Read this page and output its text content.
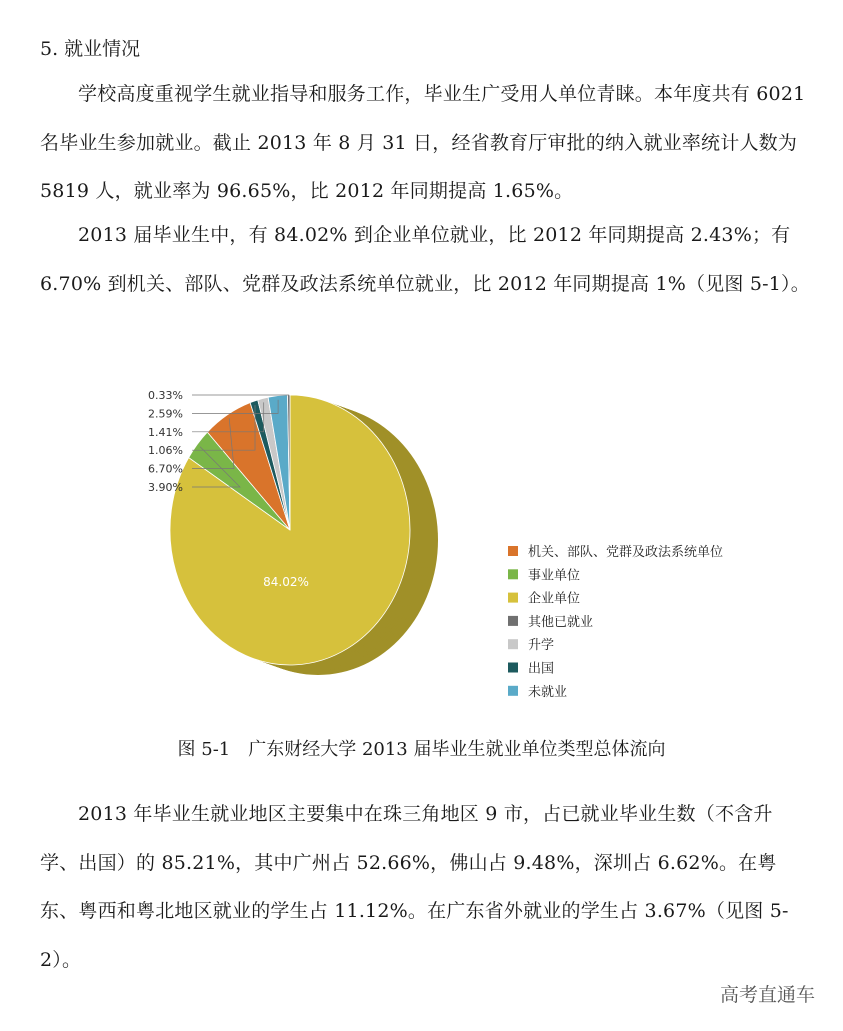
5. 就业情况
学校高度重视学生就业指导和服务工作，毕业生广受用人单位青睐。本年度共有 6021 名毕业生参加就业。截止 2013 年 8 月 31 日，经省教育厅审批的纳入就业率统计人数为 5819 人，就业率为 96.65%，比 2012 年同期提高 1.65%。
2013 届毕业生中，有 84.02% 到企业单位就业，比 2012 年同期提高 2.43%；有 6.70% 到机关、部队、党群及政法系统单位就业，比 2012 年同期提高 1%（见图 5-1）。
84.02%
0.33%
2.59%
1.41%
1.06%
6.70%
3.90%
机关、部队、党群及政法系统单位
事业单位
企业单位
其他已就业
升学
出国
未就业
图 5-1　广东财经大学 2013 届毕业生就业单位类型总体流向
2013 年毕业生就业地区主要集中在珠三角地区 9 市，占已就业毕业生数（不含升学、出国）的 85.21%，其中广州占 52.66%，佛山占 9.48%，深圳占 6.62%。在粤东、粤西和粤北地区就业的学生占 11.12%。在广东省外就业的学生占 3.67%（见图 5-2）。
高考直通车
